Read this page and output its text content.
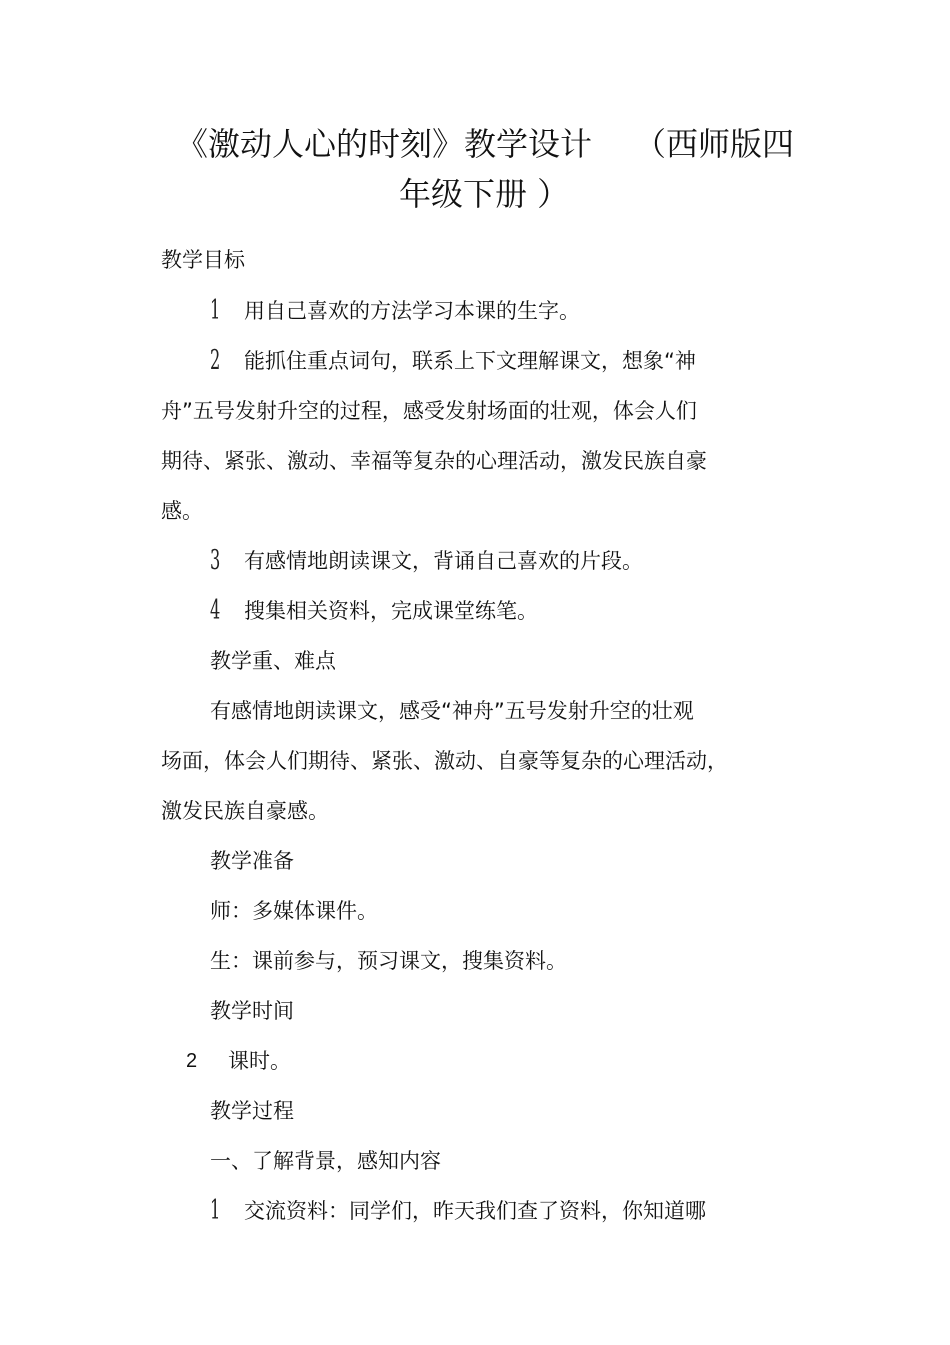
《激动人心的时刻》教学设计 （西师版四
年级下册 ）
教学目标
1 用自己喜欢的方法学习本课的生字。
2 能抓住重点词句，联系上下文理解课文，想象“神
舟”五号发射升空的过程，感受发射场面的壮观，体会人们
期待、紧张、激动、幸福等复杂的心理活动，激发民族自豪
感。
3 有感情地朗读课文，背诵自己喜欢的片段。
4 搜集相关资料，完成课堂练笔。
教学重、难点
有感情地朗读课文，感受“神舟”五号发射升空的壮观
场面，体会人们期待、紧张、激动、自豪等复杂的心理活动，
激发民族自豪感。
教学准备
师：多媒体课件。
生：课前参与，预习课文，搜集资料。
教学时间
2 课时。
教学过程
一、了解背景，感知内容
1 交流资料：同学们，昨天我们查了资料，你知道哪
